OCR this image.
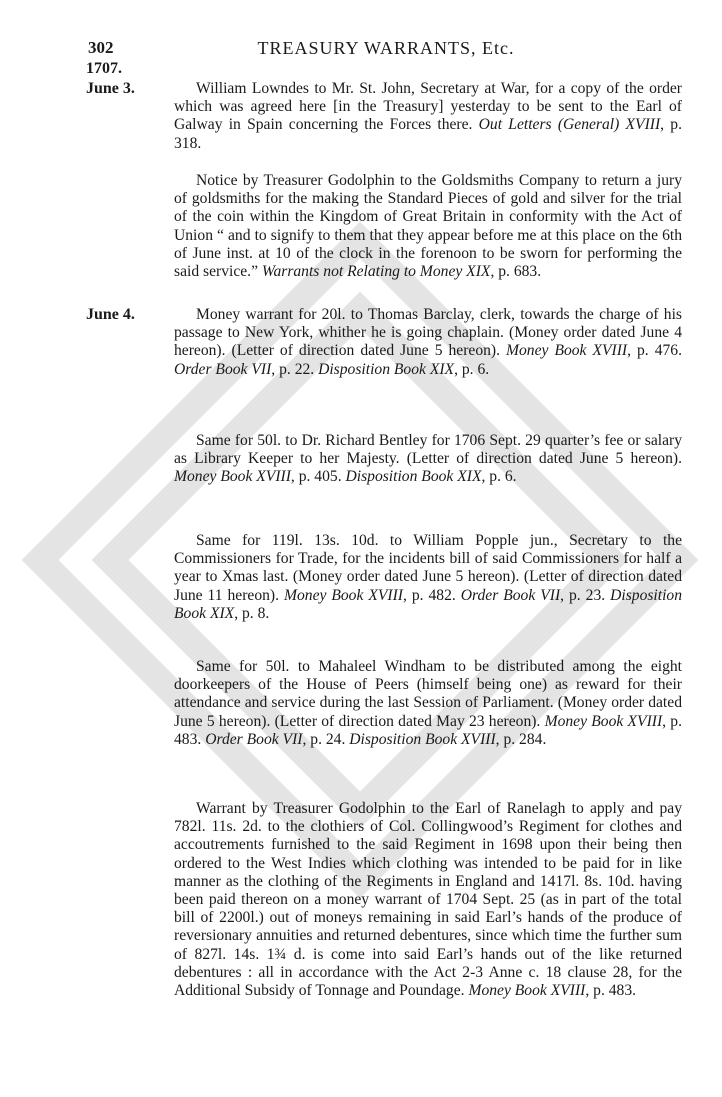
302	TREASURY WARRANTS, Etc.
1707.
June 3.
June 4.

William Lowndes to Mr. St. John, Secretary at War, for a copy of the order which was agreed here [in the Treasury] yesterday to be sent to the Earl of Galway in Spain concerning the Forces there. Out Letters (General) XVIII, p. 318.

Notice by Treasurer Godolphin to the Goldsmiths Company to return a jury of goldsmiths for the making the Standard Pieces of gold and silver for the trial of the coin within the Kingdom of Great Britain in conformity with the Act of Union “ and to signify to them that they appear before me at this place on the 6th of June inst. at 10 of the clock in the forenoon to be sworn for performing the said service.” Warrants not Relating to Money XIX, p. 683.

Money warrant for 20l. to Thomas Barclay, clerk, towards the charge of his passage to New York, whither he is going chaplain. (Money order dated June 4 hereon). (Letter of direction dated June 5 hereon). Money Book XVIII, p. 476. Order Book VII, p. 22. Disposition Book XIX, p. 6.

Same for 50l. to Dr. Richard Bentley for 1706 Sept. 29 quarter’s fee or salary as Library Keeper to her Majesty. (Letter of direction dated June 5 hereon). Money Book XVIII, p. 405. Disposition Book XIX, p. 6.

Same for 119l. 13s. 10d. to William Popple jun., Secretary to the Commissioners for Trade, for the incidents bill of said Commissioners for half a year to Xmas last. (Money order dated June 5 hereon). (Letter of direction dated June 11 hereon). Money Book XVIII, p. 482. Order Book VII, p. 23. Disposition Book XIX, p. 8.

Same for 50l. to Mahaleel Windham to be distributed among the eight doorkeepers of the House of Peers (himself being one) as reward for their attendance and service during the last Session of Parliament. (Money order dated June 5 hereon). (Letter of direction dated May 23 hereon). Money Book XVIII, p. 483. Order Book VII, p. 24. Disposition Book XVIII, p. 284.

Warrant by Treasurer Godolphin to the Earl of Ranelagh to apply and pay 782l. 11s. 2d. to the clothiers of Col. Collingwood’s Regiment for clothes and accoutrements furnished to the said Regiment in 1698 upon their being then ordered to the West Indies which clothing was intended to be paid for in like manner as the clothing of the Regiments in England and 1417l. 8s. 10d. having been paid thereon on a money warrant of 1704 Sept. 25 (as in part of the total bill of 2200l.) out of moneys remaining in said Earl’s hands of the produce of reversionary annuities and returned debentures, since which time the further sum of 827l. 14s. 1¾ d. is come into said Earl’s hands out of the like returned debentures : all in accordance with the Act 2-3 Anne c. 18 clause 28, for the Additional Subsidy of Tonnage and Poundage. Money Book XVIII, p. 483.
